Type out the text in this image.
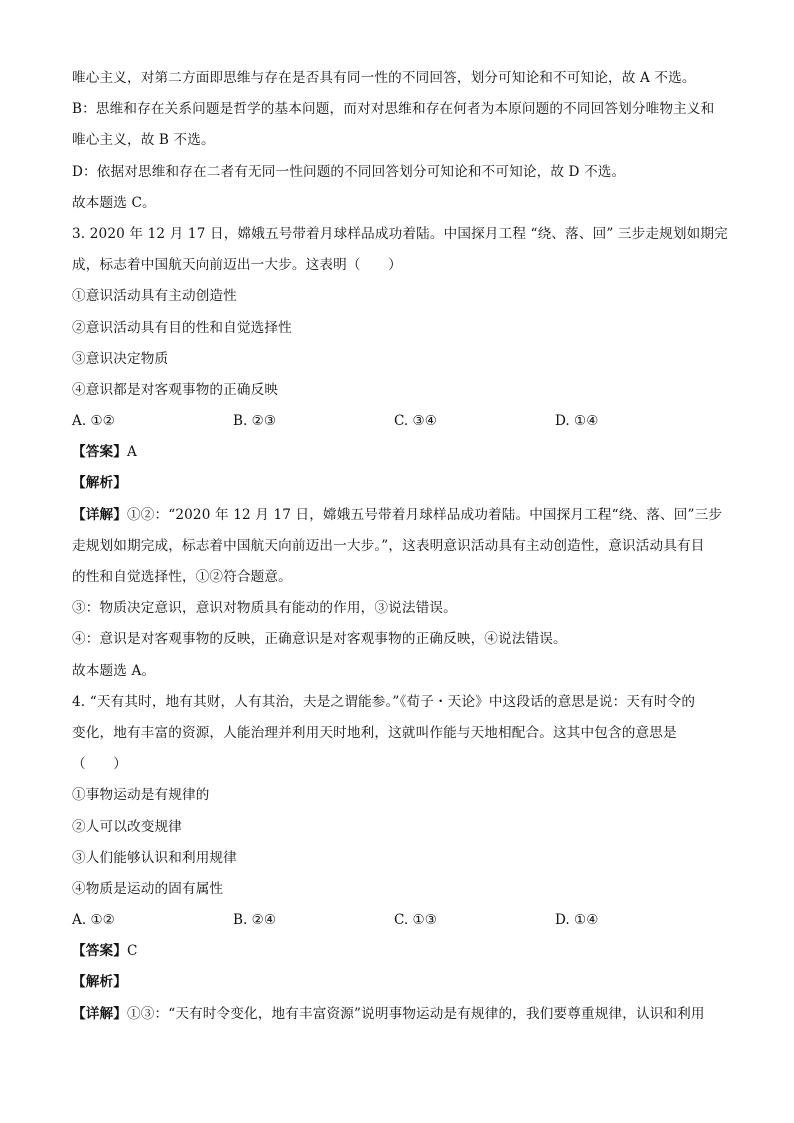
唯心主义，对第二方面即思维与存在是否具有同一性的不同回答，划分可知论和不可知论，故 A 不选。
B：思维和存在关系问题是哲学的基本问题，而对对思维和存在何者为本原问题的不同回答划分唯物主义和
唯心主义，故 B 不选。
D：依据对思维和存在二者有无同一性问题的不同回答划分可知论和不可知论，故 D 不选。
故本题选 C。
3. 2020 年 12 月 17 日，嫦娥五号带着月球样品成功着陆。中国探月工程 “绕、落、回” 三步走规划如期完
成，标志着中国航天向前迈出一大步。这表明（　　）
①意识活动具有主动创造性
②意识活动具有目的性和自觉选择性
③意识决定物质
④意识都是对客观事物的正确反映
A. ①②	B. ②③	C. ③④	D. ①④
【答案】A
【解析】
【详解】①②：“2020 年 12 月 17 日，嫦娥五号带着月球样品成功着陆。中国探月工程“绕、落、回”三步
走规划如期完成，标志着中国航天向前迈出一大步。”，这表明意识活动具有主动创造性，意识活动具有目
的性和自觉选择性，①②符合题意。
③：物质决定意识，意识对物质具有能动的作用，③说法错误。
④：意识是对客观事物的反映，正确意识是对客观事物的正确反映，④说法错误。
故本题选 A。
4. “天有其时，地有其财，人有其治，夫是之谓能参。”《荀子・天论》中这段话的意思是说：天有时令的
变化，地有丰富的资源，人能治理并利用天时地利，这就叫作能与天地相配合。这其中包含的意思是
（　　）
①事物运动是有规律的
②人可以改变规律
③人们能够认识和利用规律
④物质是运动的固有属性
A. ①②	B. ②④	C. ①③	D. ①④
【答案】C
【解析】
【详解】①③：“天有时令变化，地有丰富资源”说明事物运动是有规律的，我们要尊重规律，认识和利用
